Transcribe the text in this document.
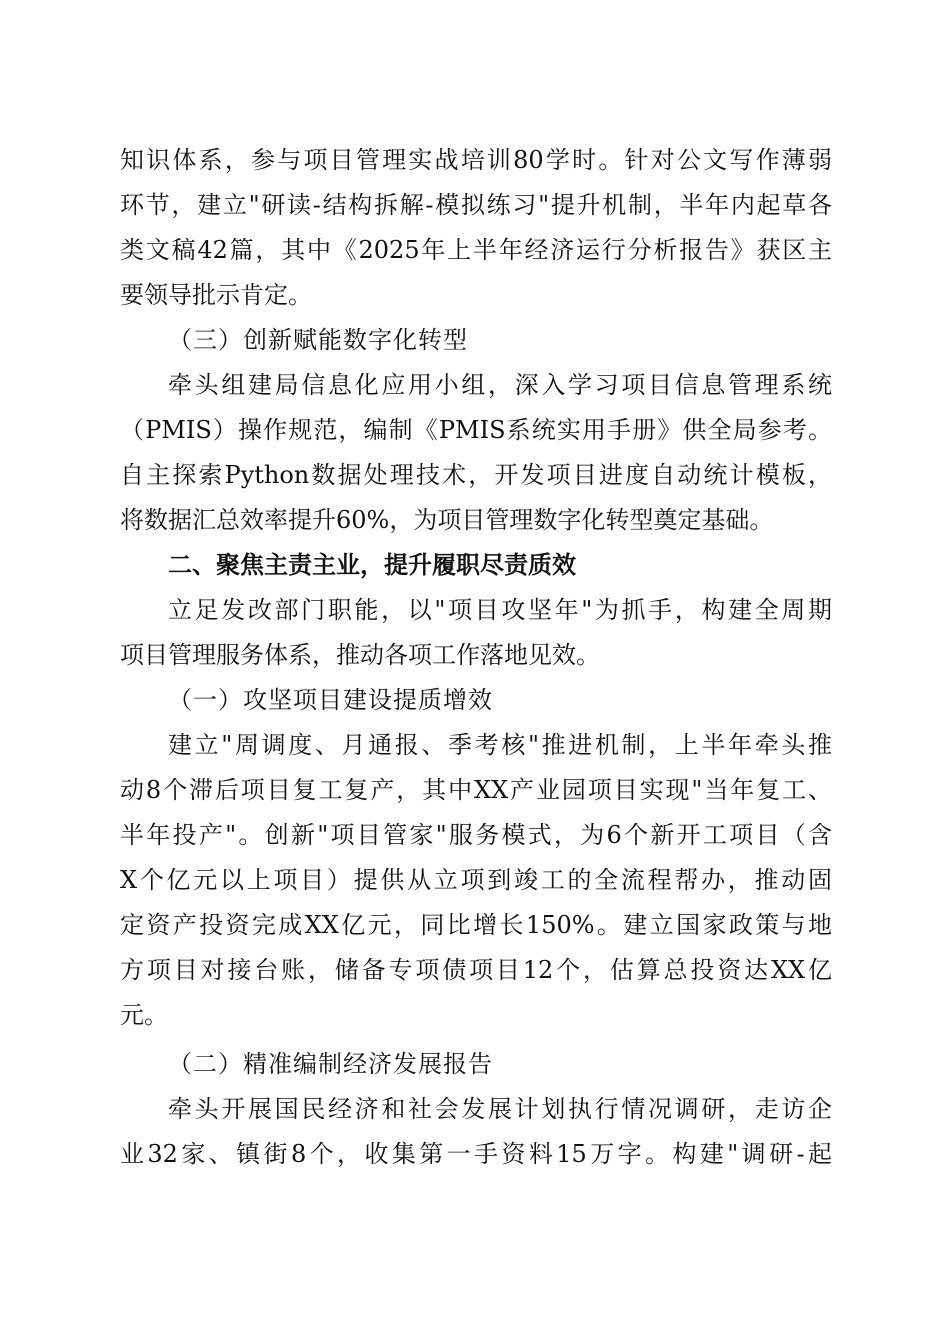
知识体系，参与项目管理实战培训80学时。针对公文写作薄弱
环节，建立"研读-结构拆解-模拟练习"提升机制，半年内起草各
类文稿42篇，其中《2025年上半年经济运行分析报告》获区主
要领导批示肯定。
（三）创新赋能数字化转型
牵头组建局信息化应用小组，深入学习项目信息管理系统
（PMIS）操作规范，编制《PMIS系统实用手册》供全局参考。
自主探索Python数据处理技术，开发项目进度自动统计模板，
将数据汇总效率提升60%，为项目管理数字化转型奠定基础。
二、聚焦主责主业，提升履职尽责质效
立足发改部门职能，以"项目攻坚年"为抓手，构建全周期
项目管理服务体系，推动各项工作落地见效。
（一）攻坚项目建设提质增效
建立"周调度、月通报、季考核"推进机制，上半年牵头推
动8个滞后项目复工复产，其中XX产业园项目实现"当年复工、
半年投产"。创新"项目管家"服务模式，为6个新开工项目（含
X个亿元以上项目）提供从立项到竣工的全流程帮办，推动固
定资产投资完成XX亿元，同比增长150%。建立国家政策与地
方项目对接台账，储备专项债项目12个，估算总投资达XX亿
元。
（二）精准编制经济发展报告
牵头开展国民经济和社会发展计划执行情况调研，走访企
业32家、镇街8个，收集第一手资料15万字。构建"调研-起
